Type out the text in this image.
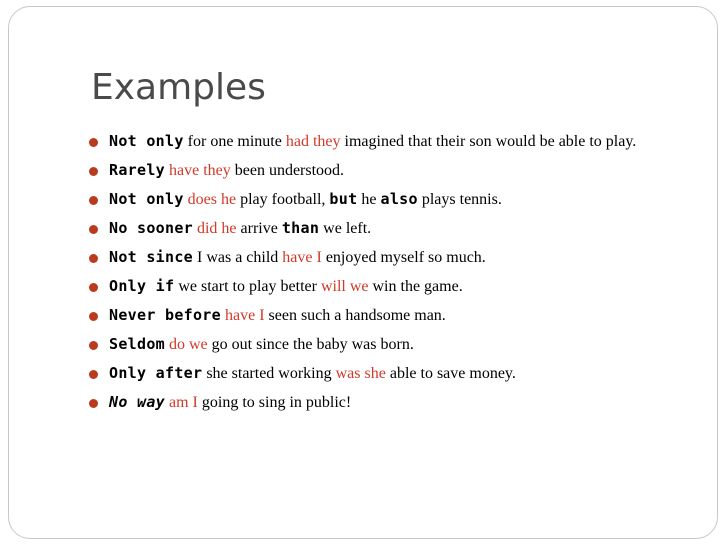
Examples
Not only for one minute had they imagined that their son would be able to play.
Rarely have they been understood.
Not only does he play football, but he also plays tennis.
No sooner did he arrive than we left.
Not since I was a child have I enjoyed myself so much.
Only if we start to play better will we win the game.
Never before have I seen such a handsome man.
Seldom do we go out since the baby was born.
Only after she started working was she able to save money.
No way am I going to sing in public!
